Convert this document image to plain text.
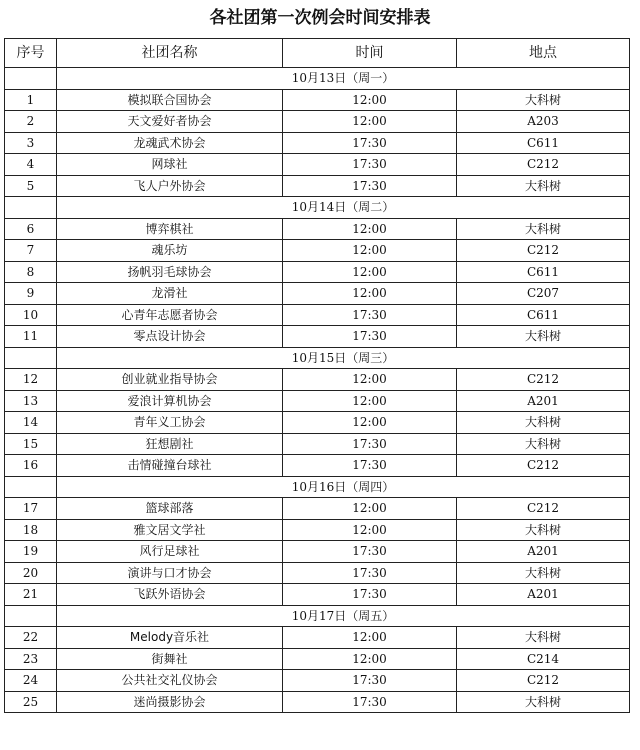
各社团第一次例会时间安排表
序号	社团名称	时间	地点
	10月13日（周一）		
1	模拟联合国协会	12:00	大科树
2	天文爱好者协会	12:00	A203
3	龙魂武术协会	17:30	C611
4	网球社	17:30	C212
5	飞人户外协会	17:30	大科树
	10月14日（周二）		
6	博弈棋社	12:00	大科树
7	魂乐坊	12:00	C212
8	扬帆羽毛球协会	12:00	C611
9	龙滑社	12:00	C207
10	心青年志愿者协会	17:30	C611
11	零点设计协会	17:30	大科树
	10月15日（周三）		
12	创业就业指导协会	12:00	C212
13	爱浪计算机协会	12:00	A201
14	青年义工协会	12:00	大科树
15	狂想剧社	17:30	大科树
16	击情碰撞台球社	17:30	C212
	10月16日（周四）		
17	篮球部落	12:00	C212
18	雅文居文学社	12:00	大科树
19	风行足球社	17:30	A201
20	演讲与口才协会	17:30	大科树
21	飞跃外语协会	17:30	A201
	10月17日（周五）		
22	Melody音乐社	12:00	大科树
23	街舞社	12:00	C214
24	公共社交礼仪协会	17:30	C212
25	迷尚摄影协会	17:30	大科树
